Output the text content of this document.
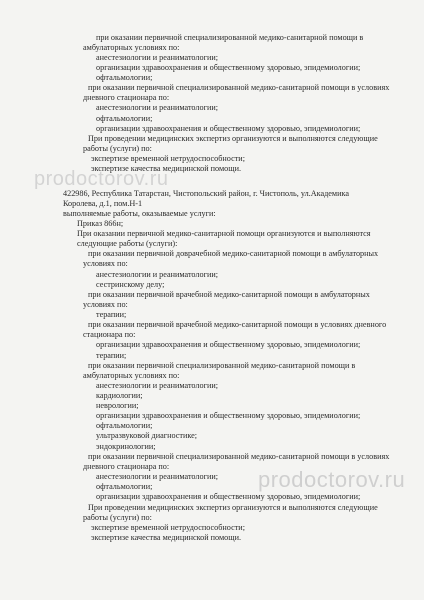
prodoctorov.ru
prodoctorov.ru
при оказании первичной специализированной медико-санитарной помощи в
амбулаторных условиях по:
анестезиологии и реаниматологии;
организации здравоохранения и общественному здоровью, эпидемиологии;
офтальмологии;
при оказании первичной специализированной медико-санитарной помощи в условиях
дневного стационара по:
анестезиологии и реаниматологии;
офтальмологии;
организации здравоохранения и общественному здоровью, эпидемиологии;
При проведении медицинских экспертиз организуются и выполняются следующие
работы (услуги) по:
экспертизе временной нетрудоспособности;
экспертизе качества медицинской помощи.
422986, Республика Татарстан, Чистопольский район, г. Чистополь, ул.Академика
Королева, д.1, пом.Н-1
выполняемые работы, оказываемые услуги:
Приказ 866н;
При оказании первичной медико-санитарной помощи организуются и выполняются
следующие работы (услуги):
при оказании первичной доврачебной медико-санитарной помощи в амбулаторных
условиях по:
анестезиологии и реаниматологии;
сестринскому делу;
при оказании первичной врачебной медико-санитарной помощи в амбулаторных
условиях по:
терапии;
при оказании первичной врачебной медико-санитарной помощи в условиях дневного
стационара по:
организации здравоохранения и общественному здоровью, эпидемиологии;
терапии;
при оказании первичной специализированной медико-санитарной помощи в
амбулаторных условиях по:
анестезиологии и реаниматологии;
кардиологии;
неврологии;
организации здравоохранения и общественному здоровью, эпидемиологии;
офтальмологии;
ультразвуковой диагностике;
эндокринологии;
при оказании первичной специализированной медико-санитарной помощи в условиях
дневного стационара по:
анестезиологии и реаниматологии;
офтальмологии;
организации здравоохранения и общественному здоровью, эпидемиологии;
При проведении медицинских экспертиз организуются и выполняются следующие
работы (услуги) по:
экспертизе временной нетрудоспособности;
экспертизе качества медицинской помощи.
